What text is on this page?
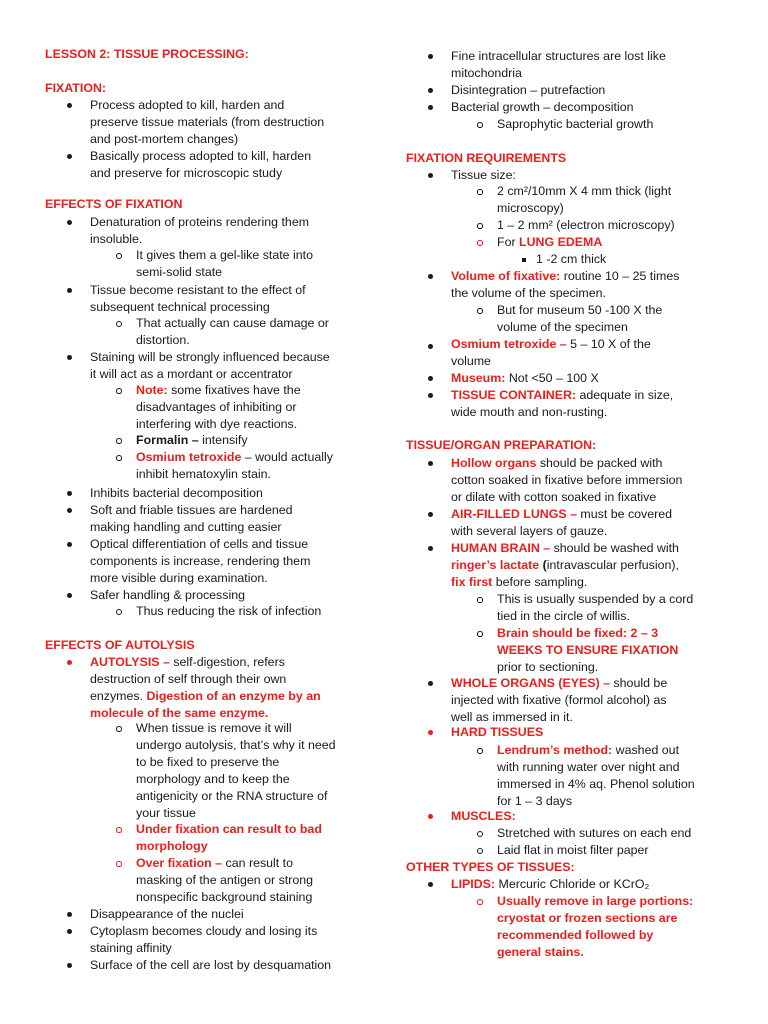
LESSON 2: TISSUE PROCESSING:
FIXATION:
Process adopted to kill, harden and
preserve tissue materials (from destruction
and post-mortem changes)
Basically process adopted to kill, harden
and preserve for microscopic study
EFFECTS OF FIXATION
Denaturation of proteins rendering them
insoluble.
It gives them a gel-like state into
semi-solid state
Tissue become resistant to the effect of
subsequent technical processing
That actually can cause damage or
distortion.
Staining will be strongly influenced because
it will act as a mordant or accentrator
Note: some fixatives have the
disadvantages of inhibiting or
interfering with dye reactions.
Formalin – intensify
Osmium tetroxide – would actually
inhibit hematoxylin stain.
Inhibits bacterial decomposition
Soft and friable tissues are hardened
making handling and cutting easier
Optical differentiation of cells and tissue
components is increase, rendering them
more visible during examination.
Safer handling & processing
Thus reducing the risk of infection
EFFECTS OF AUTOLYSIS
AUTOLYSIS – self-digestion, refers
destruction of self through their own
enzymes. Digestion of an enzyme by an
molecule of the same enzyme.
When tissue is remove it will
undergo autolysis, that’s why it need
to be fixed to preserve the
morphology and to keep the
antigenicity or the RNA structure of
your tissue
Under fixation can result to bad
morphology
Over fixation – can result to
masking of the antigen or strong
nonspecific background staining
Disappearance of the nuclei
Cytoplasm becomes cloudy and losing its
staining affinity
Surface of the cell are lost by desquamation
Fine intracellular structures are lost like
mitochondria
Disintegration – putrefaction
Bacterial growth – decomposition
Saprophytic bacterial growth
FIXATION REQUIREMENTS
Tissue size:
2 cm²/10mm X 4 mm thick (light
microscopy)
1 – 2 mm² (electron microscopy)
For LUNG EDEMA
1 -2 cm thick
Volume of fixative: routine 10 – 25 times
the volume of the specimen.
But for museum 50 -100 X the
volume of the specimen
Osmium tetroxide – 5 – 10 X of the
volume
Museum: Not <50 – 100 X
TISSUE CONTAINER: adequate in size,
wide mouth and non-rusting.
TISSUE/ORGAN PREPARATION:
Hollow organs should be packed with
cotton soaked in fixative before immersion
or dilate with cotton soaked in fixative
AIR-FILLED LUNGS – must be covered
with several layers of gauze.
HUMAN BRAIN – should be washed with
ringer’s lactate (intravascular perfusion),
fix first before sampling.
This is usually suspended by a cord
tied in the circle of willis.
Brain should be fixed: 2 – 3
WEEKS TO ENSURE FIXATION
prior to sectioning.
WHOLE ORGANS (EYES) – should be
injected with fixative (formol alcohol) as
well as immersed in it.
HARD TISSUES
Lendrum’s method: washed out
with running water over night and
immersed in 4% aq. Phenol solution
for 1 – 3 days
MUSCLES:
Stretched with sutures on each end
Laid flat in moist filter paper
OTHER TYPES OF TISSUES:
LIPIDS: Mercuric Chloride or KCrO₂
Usually remove in large portions:
cryostat or frozen sections are
recommended followed by
general stains.
